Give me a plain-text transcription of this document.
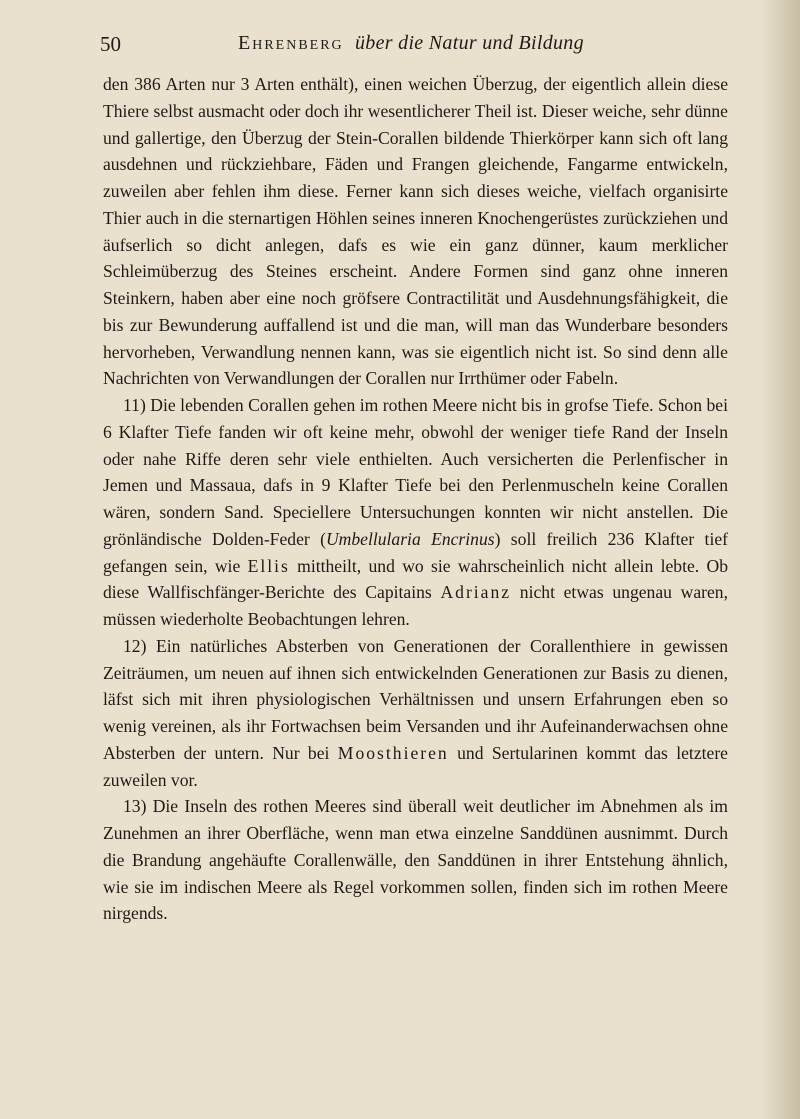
50	Ehrenberg über die Natur und Bildung

den 386 Arten nur 3 Arten enthält), einen weichen Überzug, der eigentlich allein diese Thiere selbst ausmacht oder doch ihr wesentlicherer Theil ist. Dieser weiche, sehr dünne und gallertige, den Überzug der Stein-Corallen bildende Thierkörper kann sich oft lang ausdehnen und rückziehbare, Fäden und Frangen gleichende, Fangarme entwickeln, zuweilen aber fehlen ihm diese. Ferner kann sich dieses weiche, vielfach organisirte Thier auch in die sternartigen Höhlen seines inneren Knochengerüstes zurückziehen und äufserlich so dicht anlegen, dafs es wie ein ganz dünner, kaum merklicher Schleimüberzug des Steines erscheint. Andere Formen sind ganz ohne inneren Steinkern, haben aber eine noch gröfsere Contractilität und Ausdehnungsfähigkeit, die bis zur Bewunderung auffallend ist und die man, will man das Wunderbare besonders hervorheben, Verwandlung nennen kann, was sie eigentlich nicht ist. So sind denn alle Nachrichten von Verwandlungen der Corallen nur Irrthümer oder Fabeln.

11) Die lebenden Corallen gehen im rothen Meere nicht bis in grofse Tiefe. Schon bei 6 Klafter Tiefe fanden wir oft keine mehr, obwohl der weniger tiefe Rand der Inseln oder nahe Riffe deren sehr viele enthielten. Auch versicherten die Perlenfischer in Jemen und Massaua, dafs in 9 Klafter Tiefe bei den Perlenmuscheln keine Corallen wären, sondern Sand. Speciellere Untersuchungen konnten wir nicht anstellen. Die grönländische Dolden-Feder (Umbellularia Encrinus) soll freilich 236 Klafter tief gefangen sein, wie Ellis mittheilt, und wo sie wahrscheinlich nicht allein lebte. Ob diese Wallfischfänger-Berichte des Capitains Adrianz nicht etwas ungenau waren, müssen wiederholte Beobachtungen lehren.

12) Ein natürliches Absterben von Generationen der Corallenthiere in gewissen Zeiträumen, um neuen auf ihnen sich entwickelnden Generationen zur Basis zu dienen, läfst sich mit ihren physiologischen Verhältnissen und unsern Erfahrungen eben so wenig vereinen, als ihr Fortwachsen beim Versanden und ihr Aufeinanderwachsen ohne Absterben der untern. Nur bei Moosthieren und Sertularinen kommt das letztere zuweilen vor.

13) Die Inseln des rothen Meeres sind überall weit deutlicher im Abnehmen als im Zunehmen an ihrer Oberfläche, wenn man etwa einzelne Sanddünen ausnimmt. Durch die Brandung angehäufte Corallenwälle, den Sanddünen in ihrer Entstehung ähnlich, wie sie im indischen Meere als Regel vorkommen sollen, finden sich im rothen Meere nirgends.
